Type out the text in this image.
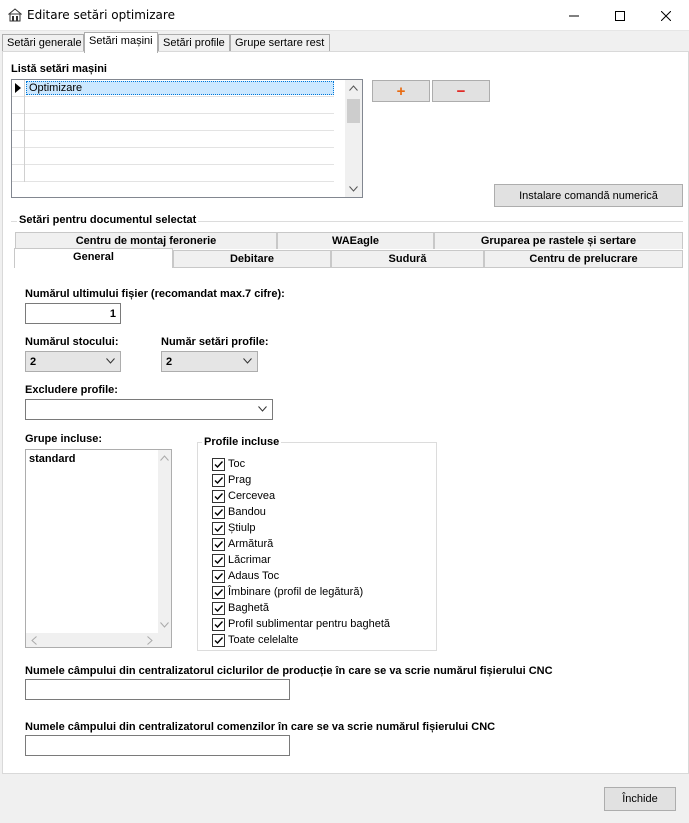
Editare setări optimizare
Setări generale Setări mașini Setări profile Grupe sertare rest
Listă setări mașini
Optimizare	+	−
Instalare comandă numerică
Setări pentru documentul selectat
Centru de montaj feronerie	WAEagle	Gruparea pe rastele și sertare
General	Debitare	Sudură	Centru de prelucrare
Numărul ultimului fișier (recomandat max.7 cifre):
1
Numărul stocului:
2
Număr setări profile:
2
Excludere profile:
Grupe incluse:
standard
Profile incluse
Toc
Prag
Cercevea
Bandou
Știulp
Armătură
Lăcrimar
Adaus Toc
Îmbinare (profil de legătură)
Baghetă
Profil sublimentar pentru baghetă
Toate celelalte
Numele câmpului din centralizatorul ciclurilor de producție în care se va scrie numărul fișierului CNC
Numele câmpului din centralizatorul comenzilor în care se va scrie numărul fișierului CNC
Închide
